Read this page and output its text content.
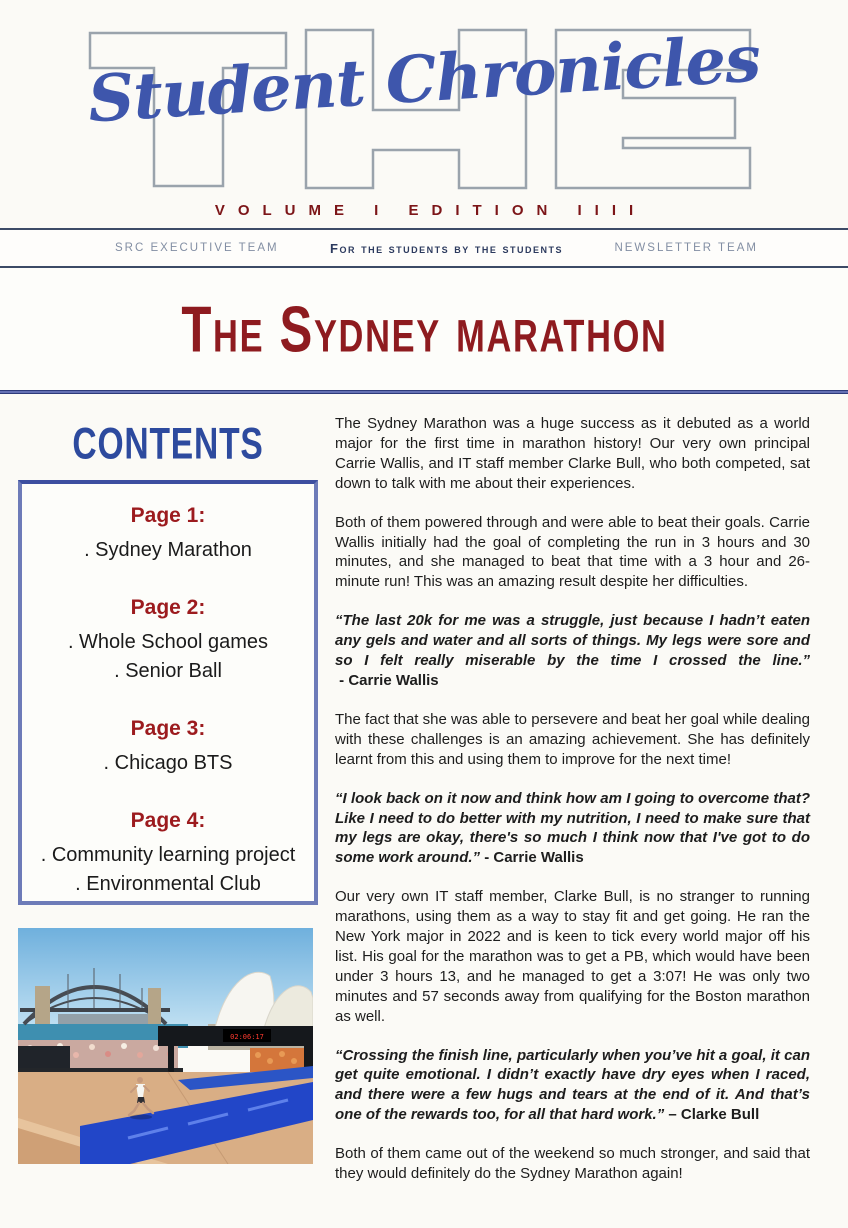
Student Chronicles
VOLUME I EDITION IIII
SRC EXECUTIVE TEAM	For the students by the students	NEWSLETTER TEAM
The Sydney marathon
CONTENTS
Page 1:
. Sydney Marathon
Page 2:
. Whole School games
. Senior Ball
Page 3:
. Chicago BTS
Page 4:
. Community learning project
. Environmental Club
02:06:17

The Sydney Marathon was a huge success as it debuted as a world major for the first time in marathon history! Our very own principal Carrie Wallis, and IT staff member Clarke Bull, who both competed, sat down to talk with me about their experiences.

Both of them powered through and were able to beat their goals. Carrie Wallis initially had the goal of completing the run in 3 hours and 30 minutes, and she managed to beat that time with a 3 hour and 26-minute run! This was an amazing result despite her difficulties.

“The last 20k for me was a struggle, just because I hadn’t eaten any gels and water and all sorts of things. My legs were sore and so I felt really miserable by the time I crossed the line.” - Carrie Wallis

The fact that she was able to persevere and beat her goal while dealing with these challenges is an amazing achievement. She has definitely learnt from this and using them to improve for the next time!

“I look back on it now and think how am I going to overcome that? Like I need to do better with my nutrition, I need to make sure that my legs are okay, there's so much I think now that I've got to do some work around.” - Carrie Wallis

Our very own IT staff member, Clarke Bull, is no stranger to running marathons, using them as a way to stay fit and get going. He ran the New York major in 2022 and is keen to tick every world major off his list. His goal for the marathon was to get a PB, which would have been under 3 hours 13, and he managed to get a 3:07! He was only two minutes and 57 seconds away from qualifying for the Boston marathon as well.

“Crossing the finish line, particularly when you’ve hit a goal, it can get quite emotional. I didn’t exactly have dry eyes when I raced, and there were a few hugs and tears at the end of it. And that’s one of the rewards too, for all that hard work.” – Clarke Bull

Both of them came out of the weekend so much stronger, and said that they would definitely do the Sydney Marathon again!
